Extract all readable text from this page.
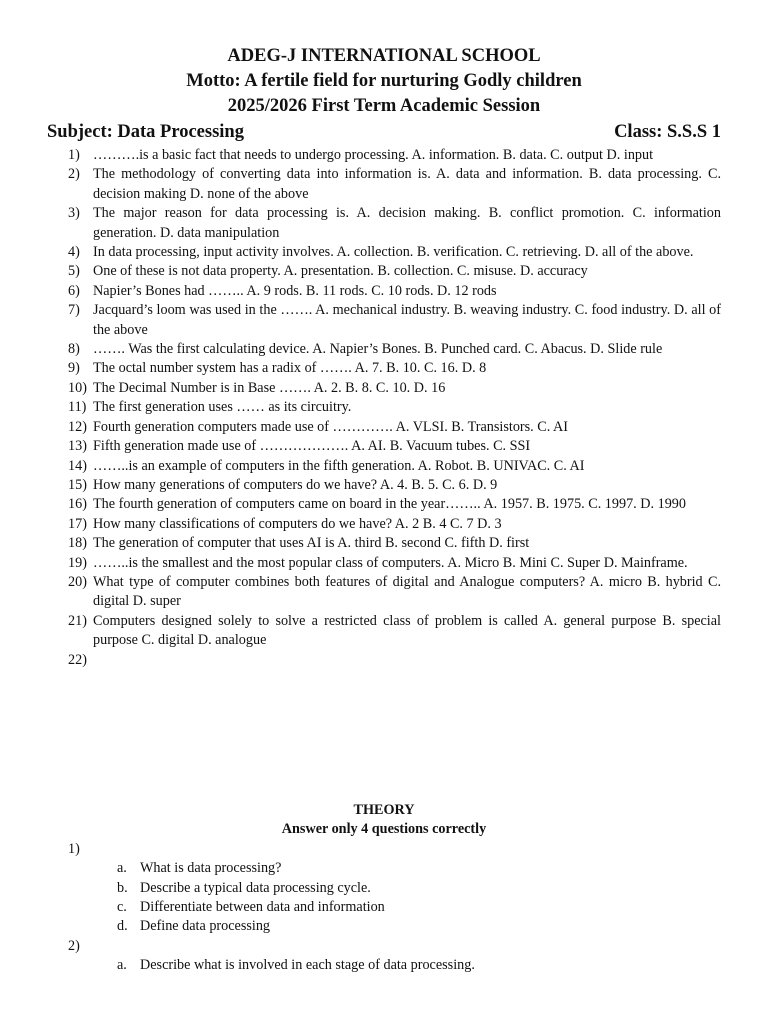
ADEG-J INTERNATIONAL SCHOOL
Motto: A fertile field for nurturing Godly children
2025/2026 First Term Academic Session
Subject: Data Processing	Class: S.S.S 1
1) ……….is a basic fact that needs to undergo processing. A. information. B. data. C. output D. input
2) The methodology of converting data into information is. A. data and information. B. data processing. C. decision making D. none of the above
3) The major reason for data processing is. A. decision making. B. conflict promotion. C. information generation. D. data manipulation
4) In data processing, input activity involves. A. collection. B. verification. C. retrieving. D. all of the above.
5) One of these is not data property. A. presentation. B. collection. C. misuse. D. accuracy
6) Napier’s Bones had …….. A. 9 rods. B. 11 rods. C. 10 rods. D. 12 rods
7) Jacquard’s loom was used in the ……. A. mechanical industry. B. weaving industry. C. food industry. D. all of the above
8) ……. Was the first calculating device. A. Napier’s Bones. B. Punched card. C. Abacus. D. Slide rule
9) The octal number system has a radix of ……. A. 7. B. 10. C. 16. D. 8
10) The Decimal Number is in Base ……. A. 2. B. 8. C. 10. D. 16
11) The first generation uses …… as its circuitry.
12) Fourth generation computers made use of …………. A. VLSI. B. Transistors. C. AI
13) Fifth generation made use of ………………. A. AI. B. Vacuum tubes. C. SSI
14) ……..is an example of computers in the fifth generation. A. Robot. B. UNIVAC. C. AI
15) How many generations of computers do we have? A. 4. B. 5. C. 6. D. 9
16) The fourth generation of computers came on board in the year…….. A. 1957. B. 1975. C. 1997. D. 1990
17) How many classifications of computers do we have? A. 2 B. 4 C. 7 D. 3
18) The generation of computer that uses AI is A. third B. second C. fifth D. first
19) ……..is the smallest and the most popular class of computers. A. Micro B. Mini C. Super D. Mainframe.
20) What type of computer combines both features of digital and Analogue computers? A. micro B. hybrid C. digital D. super
21) Computers designed solely to solve a restricted class of problem is called A. general purpose B. special purpose C. digital D. analogue
22)

THEORY
Answer only 4 questions correctly
1)
a. What is data processing?
b. Describe a typical data processing cycle.
c. Differentiate between data and information
d. Define data processing
2)
a. Describe what is involved in each stage of data processing.
